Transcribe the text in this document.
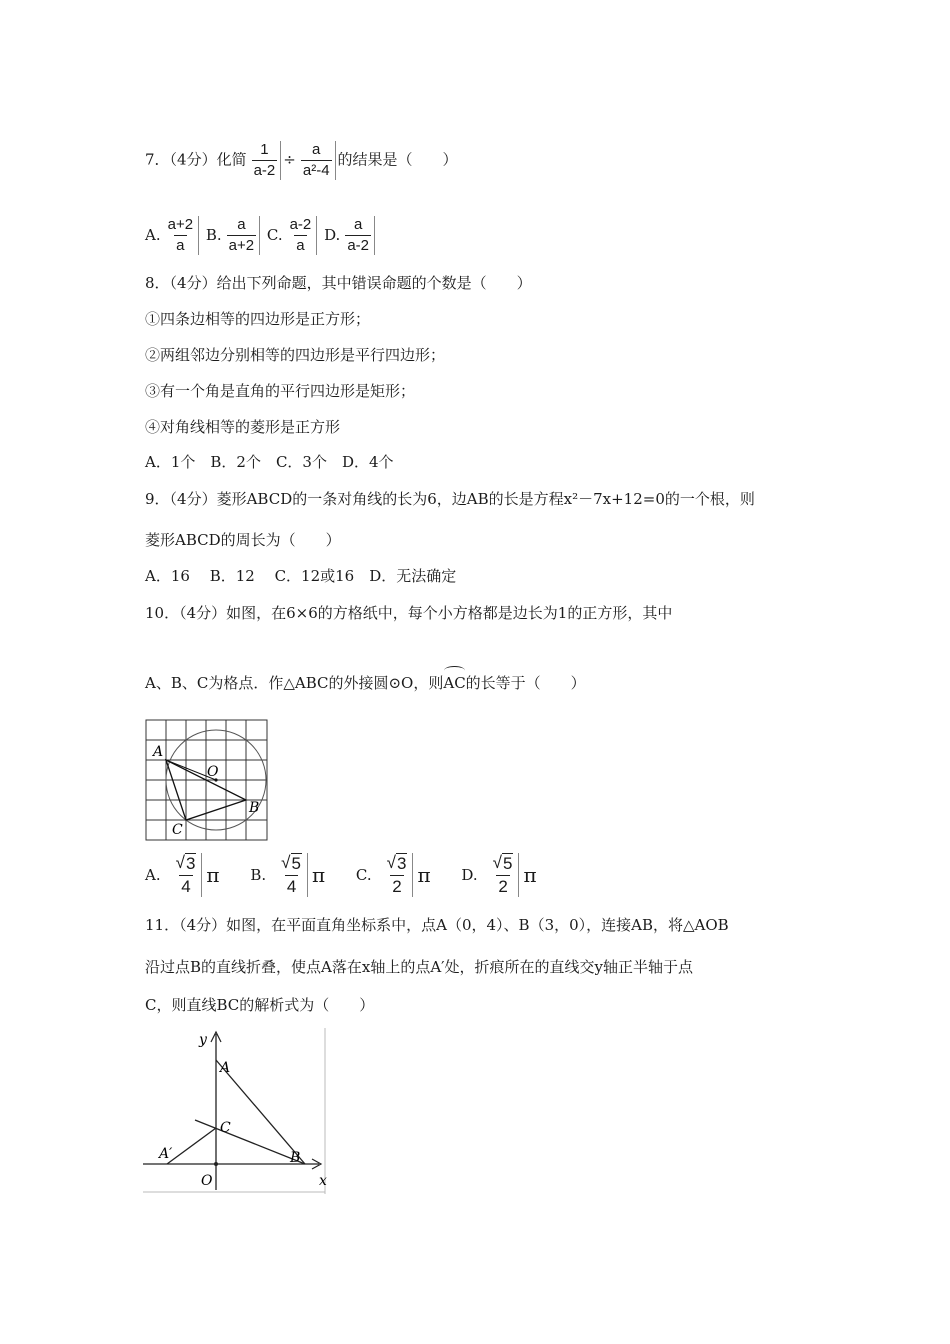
7．（4分）化简 $\frac{1}{a-2} \div \frac{a}{\text{a²-4}}$ 的结果是（　　）
A. $\frac{a+2}{a} B$. $\frac{a}{a+2} C$. $\frac{a-2}{a} D$. $\frac{a}{a-2}$
8．（4分）给出下列命题，其中错误命题的个数是（　　）
①四条边相等的四边形是正方形；
②两组邻边分别相等的四边形是平行四边形；
③有一个角是直角的平行四边形是矩形；
④对角线相等的菱形是正方形
A．1个　B．2个　C．3个　D．4个
9．（4分）菱形ABCD的一条对角线的长为6，边AB的长是方程x²－7x+12=0的一个根，则
菱形ABCD的周长为（　　）
A．16　 B．12　 C．12或16　D．无法确定
10．（4分）如图，在6×6的方格纸中，每个小方格都是边长为1的正方形，其中
A、B、C为格点．作△ABC的外接圆⊙O，则AC的长等于（　　）
A
O
B
C
A. $\frac{√ 3}{4}$ π
B. $\frac{√ 5}{4}$ π
C. $\frac{√ 3}{2}$ π
D. $\frac{√ 5}{2}$ π
11．（4分）如图，在平面直角坐标系中，点A（0，4）、B（3，0），连接AB，将△AOB
沿过点B的直线折叠，使点A落在x轴上的点A′处，折痕所在的直线交y轴正半轴于点
C，则直线BC的解析式为（　　）
y
x
A
C
A′
O
B
